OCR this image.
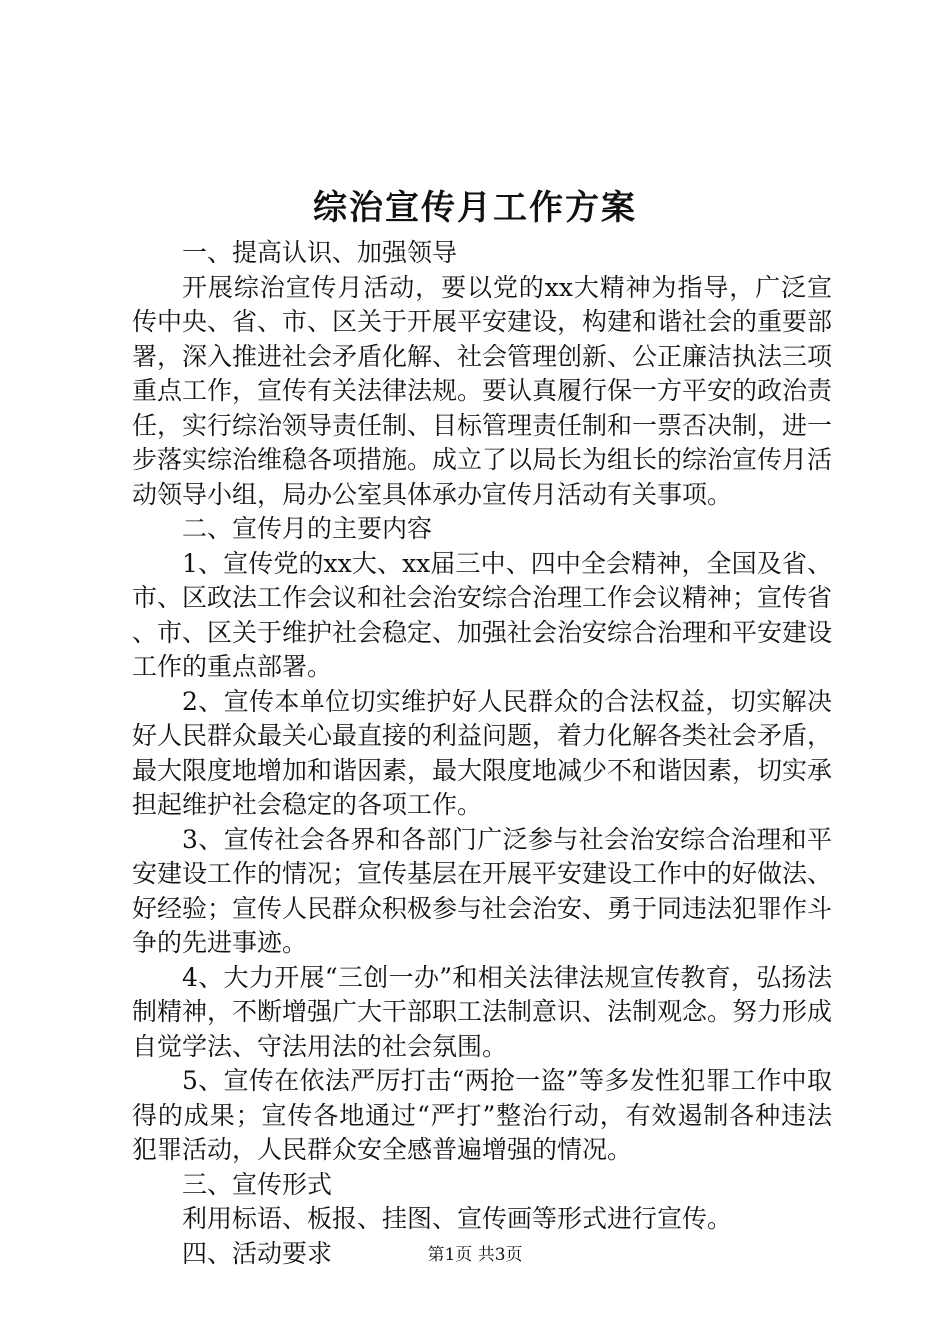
综治宣传月工作方案

一、提高认识、加强领导

开展综治宣传月活动，要以党的xx大精神为指导，广泛宣传中央、省、市、区关于开展平安建设，构建和谐社会的重要部署，深入推进社会矛盾化解、社会管理创新、公正廉洁执法三项重点工作，宣传有关法律法规。要认真履行保一方平安的政治责任，实行综治领导责任制、目标管理责任制和一票否决制，进一步落实综治维稳各项措施。成立了以局长为组长的综治宣传月活动领导小组，局办公室具体承办宣传月活动有关事项。

二、宣传月的主要内容

1、宣传党的xx大、xx届三中、四中全会精神，全国及省、市、区政法工作会议和社会治安综合治理工作会议精神；宣传省、市、区关于维护社会稳定、加强社会治安综合治理和平安建设工作的重点部署。

2、宣传本单位切实维护好人民群众的合法权益，切实解决好人民群众最关心最直接的利益问题，着力化解各类社会矛盾，最大限度地增加和谐因素，最大限度地减少不和谐因素，切实承担起维护社会稳定的各项工作。

3、宣传社会各界和各部门广泛参与社会治安综合治理和平安建设工作的情况；宣传基层在开展平安建设工作中的好做法、好经验；宣传人民群众积极参与社会治安、勇于同违法犯罪作斗争的先进事迹。

4、大力开展“三创一办”和相关法律法规宣传教育，弘扬法制精神，不断增强广大干部职工法制意识、法制观念。努力形成自觉学法、守法用法的社会氛围。

5、宣传在依法严厉打击“两抢一盗”等多发性犯罪工作中取得的成果；宣传各地通过“严打”整治行动，有效遏制各种违法犯罪活动，人民群众安全感普遍增强的情况。

三、宣传形式

利用标语、板报、挂图、宣传画等形式进行宣传。

四、活动要求	第1页 共3页
